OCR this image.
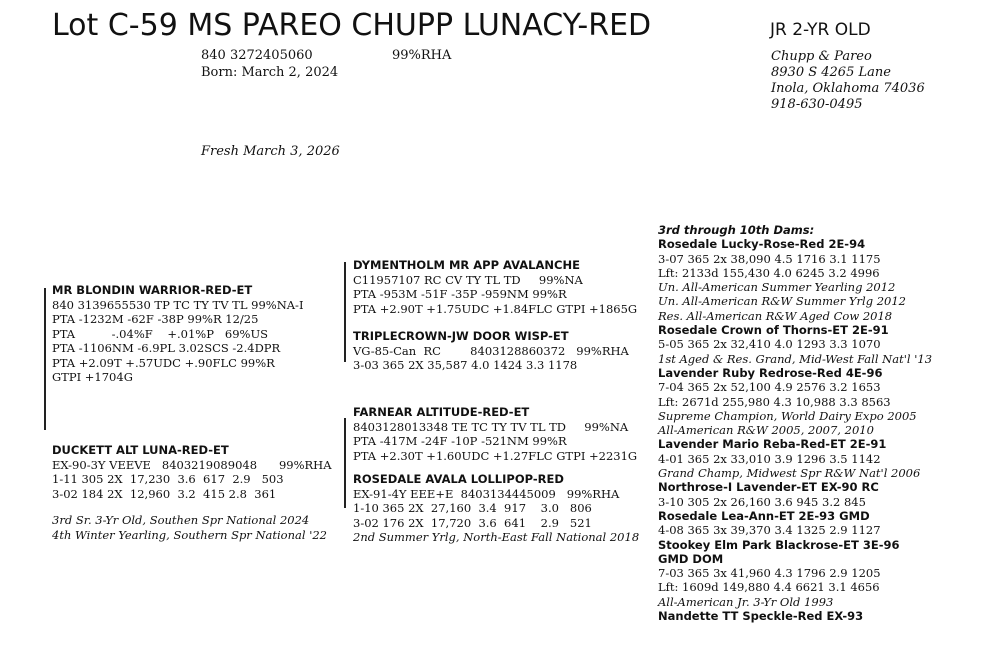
Lot C-59 MS PAREO CHUPP LUNACY-RED	JR 2-YR OLD
840 3272405060	99%RHA
Born: March 2, 2024
Chupp & Pareo
8930 S 4265 Lane
Inola, Oklahoma 74036
918-630-0495
Fresh March 3, 2026
MR BLONDIN WARRIOR-RED-ET
840 3139655530 TP TC TY TV TL 99%NA-I
PTA -1232M -62F -38P 99%R 12/25
PTA          -.04%F    +.01%P   69%US
PTA -1106NM -6.9PL 3.02SCS -2.4DPR
PTA +2.09T +.57UDC +.90FLC 99%R
GTPI +1704G
DYMENTHOLM MR APP AVALANCHE
C11957107 RC CV TY TL TD     99%NA
PTA -953M -51F -35P -959NM 99%R
PTA +2.90T +1.75UDC +1.84FLC GTPI +1865G
TRIPLECROWN-JW DOOR WISP-ET
VG-85-Can  RC        8403128860372   99%RHA
3-03 365 2X 35,587 4.0 1424 3.3 1178
DUCKETT ALT LUNA-RED-ET
EX-90-3Y VEEVE   8403219089048      99%RHA
1-11 305 2X  17,230  3.6  617  2.9   503
3-02 184 2X  12,960  3.2  415 2.8  361
3rd Sr. 3-Yr Old, Southen Spr National 2024
4th Winter Yearling, Southern Spr National '22
FARNEAR ALTITUDE-RED-ET
8403128013348 TE TC TY TV TL TD     99%NA
PTA -417M -24F -10P -521NM 99%R
PTA +2.30T +1.60UDC +1.27FLC GTPI +2231G
ROSEDALE AVALA LOLLIPOP-RED
EX-91-4Y EEE+E  8403134445009   99%RHA
1-10 365 2X  27,160  3.4  917    3.0   806
3-02 176 2X  17,720  3.6  641    2.9   521
2nd Summer Yrlg, North-East Fall National 2018
3rd through 10th Dams:
Rosedale Lucky-Rose-Red 2E-94
3-07 365 2x 38,090 4.5 1716 3.1 1175
Lft: 2133d 155,430 4.0 6245 3.2 4996
Un. All-American Summer Yearling 2012
Un. All-American R&W Summer Yrlg 2012
Res. All-American R&W Aged Cow 2018
Rosedale Crown of Thorns-ET 2E-91
5-05 365 2x 32,410 4.0 1293 3.3 1070
1st Aged & Res. Grand, Mid-West Fall Nat'l '13
Lavender Ruby Redrose-Red 4E-96
7-04 365 2x 52,100 4.9 2576 3.2 1653
Lft: 2671d 255,980 4.3 10,988 3.3 8563
Supreme Champion, World Dairy Expo 2005
All-American R&W 2005, 2007, 2010
Lavender Mario Reba-Red-ET 2E-91
4-01 365 2x 33,010 3.9 1296 3.5 1142
Grand Champ, Midwest Spr R&W Nat'l 2006
Northrose-I Lavender-ET EX-90 RC
3-10 305 2x 26,160 3.6 945 3.2 845
Rosedale Lea-Ann-ET 2E-93 GMD
4-08 365 3x 39,370 3.4 1325 2.9 1127
Stookey Elm Park Blackrose-ET 3E-96
GMD DOM
7-03 365 3x 41,960 4.3 1796 2.9 1205
Lft: 1609d 149,880 4.4 6621 3.1 4656
All-American Jr. 3-Yr Old 1993
Nandette TT Speckle-Red EX-93
